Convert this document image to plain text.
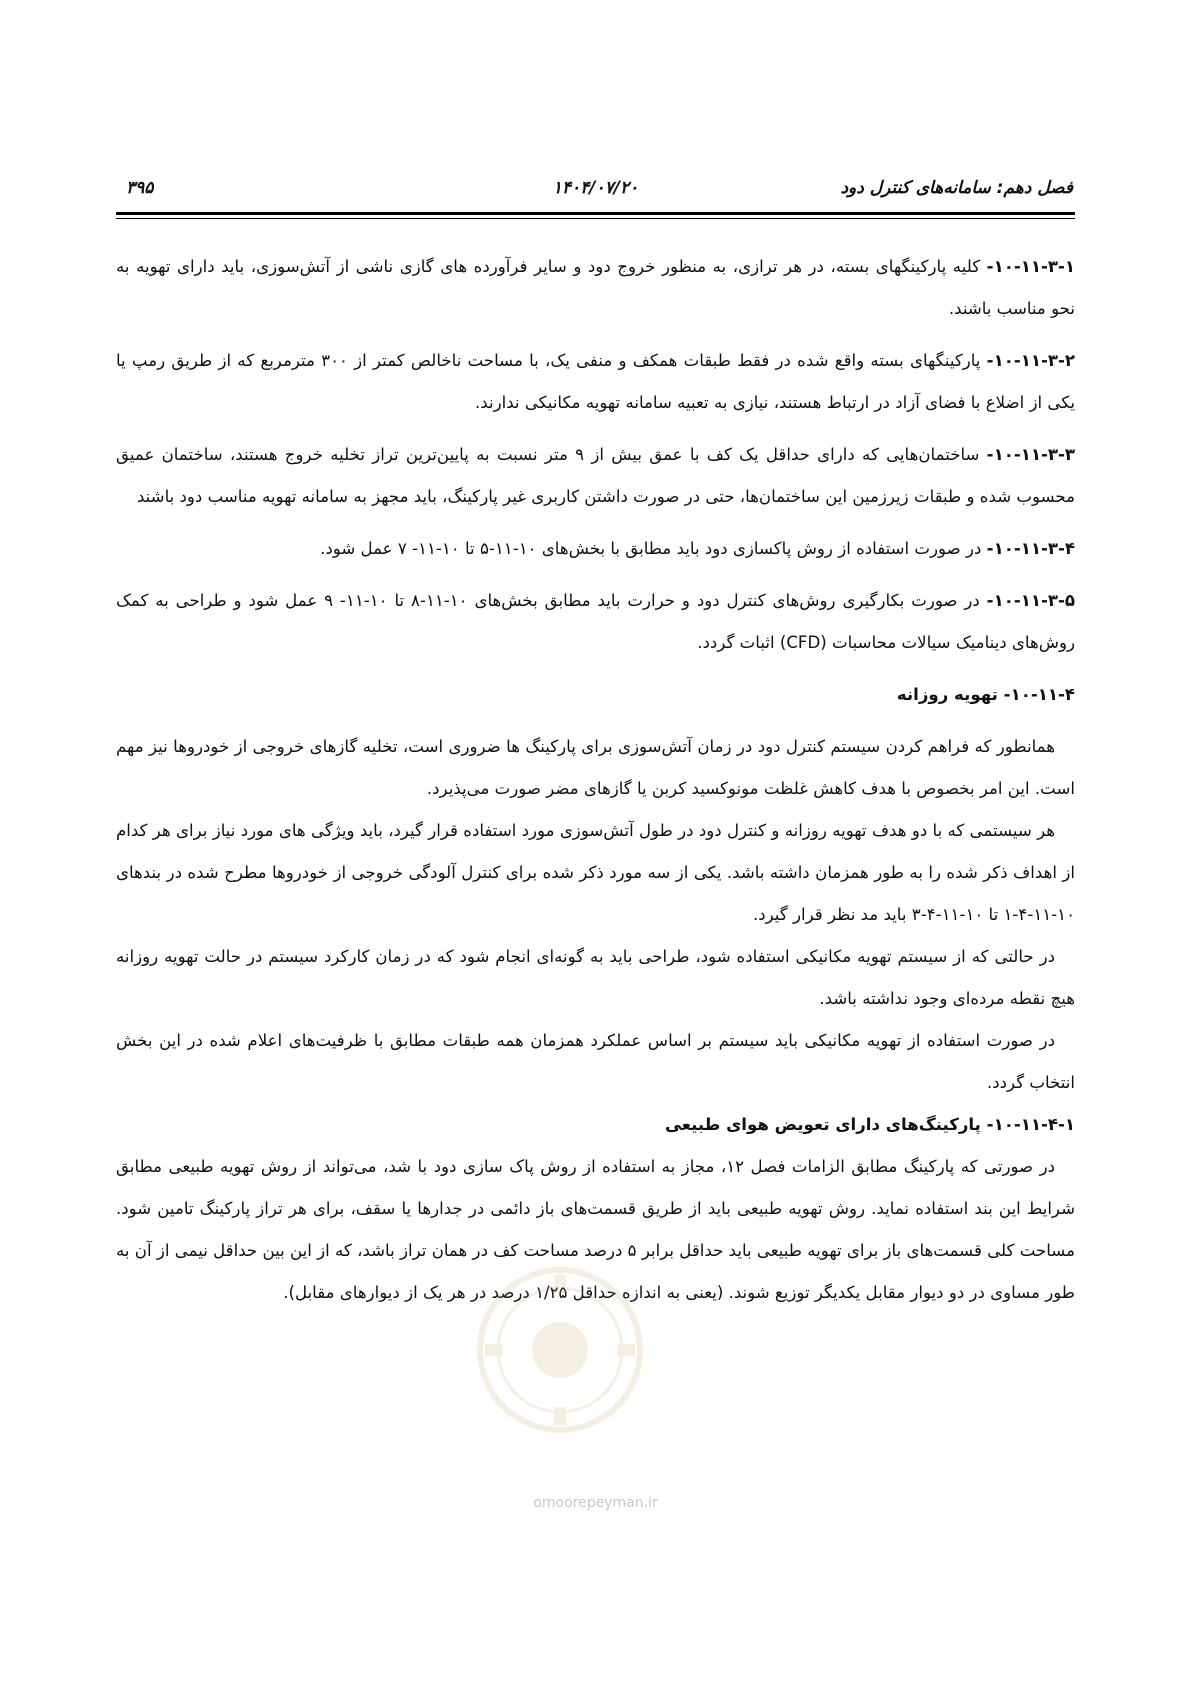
فصل دهم: سامانه‌های کنترل دود
۱۴۰۴/۰۷/۲۰
۳۹۵

۱۰-۱۱-۳-۱- کلیه پارکینگهای بسته، در هر ترازی، به منظور خروج دود و سایر فرآورده های گازی ناشی از آتش‌سوزی، باید دارای تهویه به نحو مناسب باشند.

۱۰-۱۱-۳-۲- پارکینگهای بسته واقع شده در فقط طبقات همکف و منفی یک، با مساحت ناخالص کمتر از ۳۰۰ مترمربع که از طریق رمپ یا یکی از اضلاع با فضای آزاد در ارتباط هستند، نیازی به تعبیه سامانه تهویه مکانیکی ندارند.

۱۰-۱۱-۳-۳- ساختمان‌هایی که دارای حداقل یک کف با عمق بیش از ۹ متر نسبت به پایین‌ترین تراز تخلیه خروج هستند، ساختمان عمیق محسوب شده و طبقات زیرزمین این ساختمان‌ها، حتی در صورت داشتن کاربری غیر پارکینگ، باید مجهز به سامانه تهویه مناسب دود باشند

۱۰-۱۱-۳-۴- در صورت استفاده از روش پاکسازی دود باید مطابق با بخش‌های ۱۰-۱۱-۵ تا ۱۰-۱۱- ۷ عمل شود.

۱۰-۱۱-۳-۵- در صورت بکارگیری روش‌های کنترل دود و حرارت باید مطابق بخش‌های ۱۰-۱۱-۸ تا ۱۰-۱۱- ۹ عمل شود و طراحی به کمک روش‌های دینامیک سیالات محاسبات (CFD) اثبات گردد.

۱۰-۱۱-۴- تهویه روزانه

همانطور که فراهم کردن سیستم کنترل دود در زمان آتش‌سوزی برای پارکینگ ها ضروری است، تخلیه گازهای خروجی از خودروها نیز مهم است. این امر بخصوص با هدف کاهش غلظت مونوکسید کربن یا گازهای مضر صورت می‌پذیرد.

هر سیستمی که با دو هدف تهویه روزانه و کنترل دود در طول آتش‌سوزی مورد استفاده قرار گیرد، باید ویژگی های مورد نیاز برای هر کدام از اهداف ذکر شده را به طور همزمان داشته باشد. یکی از سه مورد ذکر شده برای کنترل آلودگی خروجی از خودروها مطرح شده در بندهای ۱۰-۱۱-۴-۱ تا ۱۰-۱۱-۴-۳ باید مد نظر قرار گیرد.

در حالتی که از سیستم تهویه مکانیکی استفاده شود، طراحی باید به گونه‌ای انجام شود که در زمان کارکرد سیستم در حالت تهویه روزانه هیچ نقطه مرده‌ای وجود نداشته باشد.

در صورت استفاده از تهویه مکانیکی باید سیستم بر اساس عملکرد همزمان همه طبقات مطابق با ظرفیت‌های اعلام شده در این بخش انتخاب گردد.

۱۰-۱۱-۴-۱- پارکینگ‌های دارای تعویض هوای طبیعی

در صورتی که پارکینگ مطابق الزامات فصل ۱۲، مجاز به استفاده از روش پاک سازی دود با شد، می‌تواند از روش تهویه طبیعی مطابق شرایط این بند استفاده نماید. روش تهویه طبیعی باید از طریق قسمت‌های باز دائمی در جدارها یا سقف، برای هر تراز پارکینگ تامین شود. مساحت کلی قسمت‌های باز برای تهویه طبیعی باید حداقل برابر ۵ درصد مساحت کف در همان تراز باشد، که از این بین حداقل نیمی از آن به طور مساوی در دو دیوار مقابل یکدیگر توزیع شوند. (یعنی به اندازه حداقل ۱/۲۵ درصد در هر یک از دیوارهای مقابل).

omoorepeyman.ir
